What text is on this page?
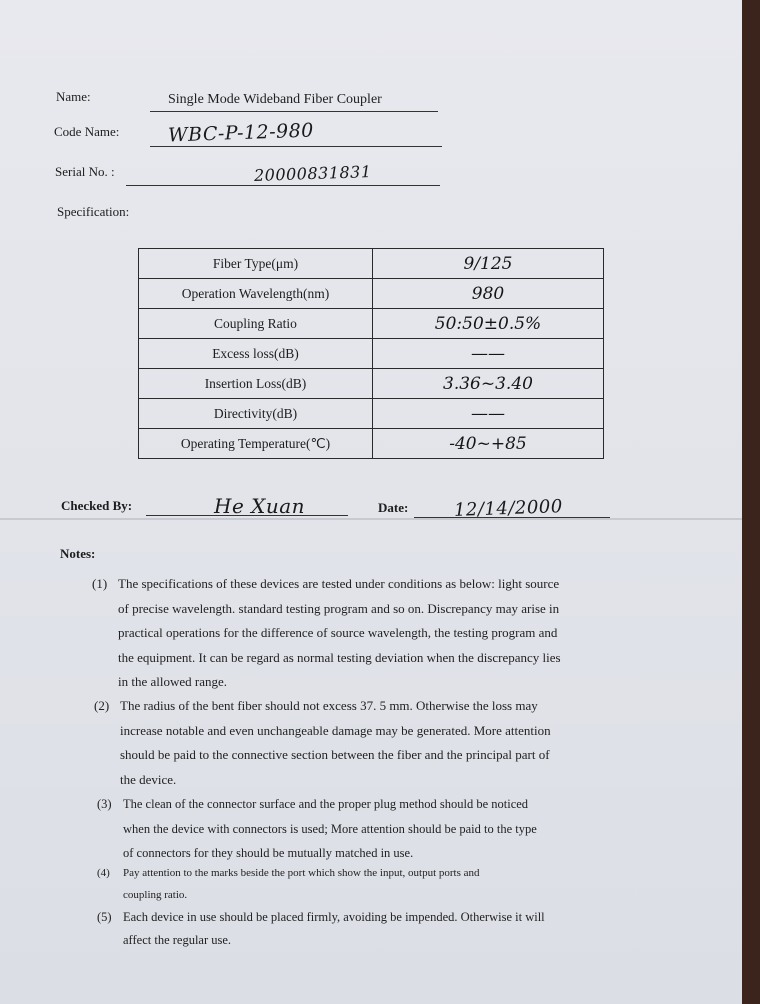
Name:	Single Mode Wideband Fiber Coupler
Code Name:	WBC-P-12-980
Serial No. :	20000831831
Specification:
Fiber Type(μm)	9/125
Operation Wavelength(nm)	980
Coupling Ratio	50:50±0.5%
Excess loss(dB)	——
Insertion Loss(dB)	3.36~3.40
Directivity(dB)	——
Operating Temperature(℃)	-40~+85
Checked By:	He Xuan	Date:	12/14/2000
Notes:
(1) The specifications of these devices are tested under conditions as below: light source
of precise wavelength. standard testing program and so on. Discrepancy may arise in
practical operations for the difference of source wavelength, the testing program and
the equipment. It can be regard as normal testing deviation when the discrepancy lies
in the allowed range.
(2) The radius of the bent fiber should not excess 37. 5 mm. Otherwise the loss may
increase notable and even unchangeable damage may be generated. More attention
should be paid to the connective section between the fiber and the principal part of
the device.
(3) The clean of the connector surface and the proper plug method should be noticed
when the device with connectors is used; More attention should be paid to the type
of connectors for they should be mutually matched in use.
(4) Pay attention to the marks beside the port which show the input, output ports and
coupling ratio.
(5) Each device in use should be placed firmly, avoiding be impended. Otherwise it will
affect the regular use.
